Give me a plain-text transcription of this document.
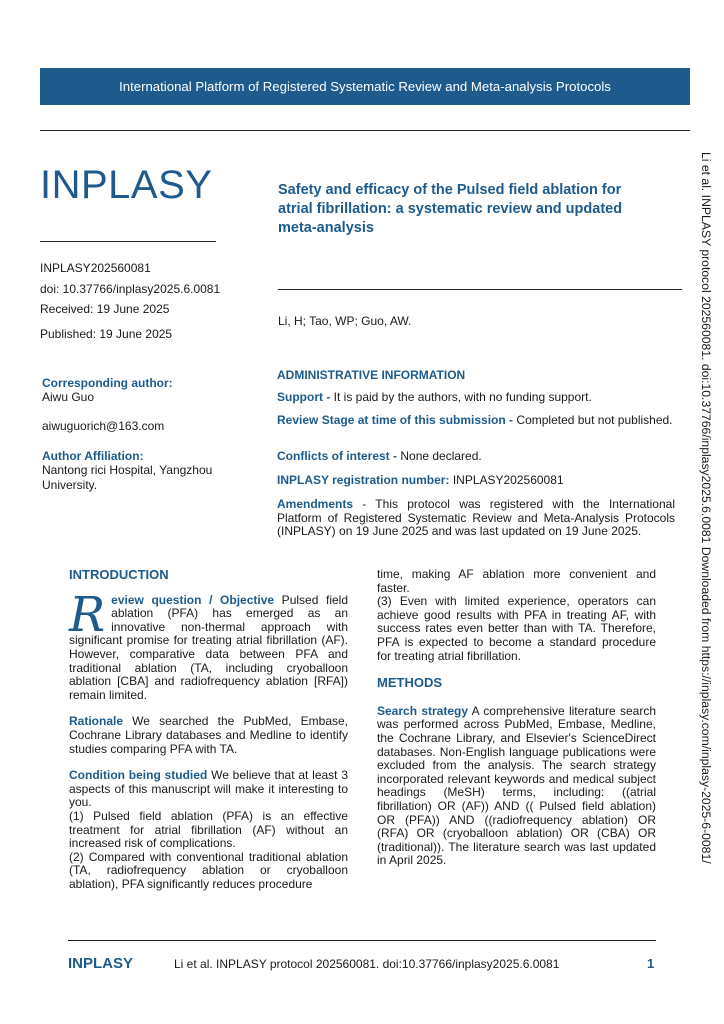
International Platform of Registered Systematic Review and Meta-analysis Protocols
INPLASY
INPLASY202560081
doi: 10.37766/inplasy2025.6.0081
Received: 19 June 2025
Published: 19 June 2025
Corresponding author:
Aiwu Guo
aiwuguorich@163.com
Author Affiliation:
Nantong rici Hospital, Yangzhou
University.
Safety and efficacy of the Pulsed field ablation for
atrial fibrillation: a systematic review and updated
meta-analysis
Li, H; Tao, WP; Guo, AW.
ADMINISTRATIVE INFORMATION
Support - It is paid by the authors, with no funding support.
Review Stage at time of this submission - Completed but not published.
Conflicts of interest - None declared.
INPLASY registration number: INPLASY202560081
Amendments - This protocol was registered with the International Platform of Registered Systematic Review and Meta-Analysis Protocols (INPLASY) on 19 June 2025 and was last updated on 19 June 2025.	Li et al. INPLASY protocol 202560081. doi:10.37766/inplasy2025.6.0081 Downloaded from https://inplasy.com/inplasy-2025-6-0081/

INTRODUCTION

Review question / Objective Pulsed field ablation (PFA) has emerged as an innovative non-thermal approach with significant promise for treating atrial fibrillation (AF). However, comparative data between PFA and traditional ablation (TA, including cryoballoon ablation [CBA] and radiofrequency ablation [RFA]) remain limited.

Rationale We searched the PubMed, Embase, Cochrane Library databases and Medline to identify studies comparing PFA with TA.

Condition being studied We believe that at least 3 aspects of this manuscript will make it interesting to you.

(1) Pulsed field ablation (PFA) is an effective treatment for atrial fibrillation (AF) without an increased risk of complications.
(2) Compared with conventional traditional ablation (TA, radiofrequency ablation or cryoballoon ablation), PFA significantly reduces procedure
time, making AF ablation more convenient and faster.
(3) Even with limited experience, operators can achieve good results with PFA in treating AF, with success rates even better than with TA. Therefore, PFA is expected to become a standard procedure for treating atrial fibrillation.

METHODS

Search strategy A comprehensive literature search was performed across PubMed, Embase, Medline, the Cochrane Library, and Elsevier's ScienceDirect databases. Non-English language publications were excluded from the analysis. The search strategy incorporated relevant keywords and medical subject headings (MeSH) terms, including: ((atrial fibrillation) OR (AF)) AND (( Pulsed field ablation) OR (PFA)) AND ((radiofrequency ablation) OR (RFA) OR (cryoballoon ablation) OR (CBA) OR (traditional)). The literature search was last updated in April 2025.

INPLASY	Li et al. INPLASY protocol 202560081. doi:10.37766/inplasy2025.6.0081	1
